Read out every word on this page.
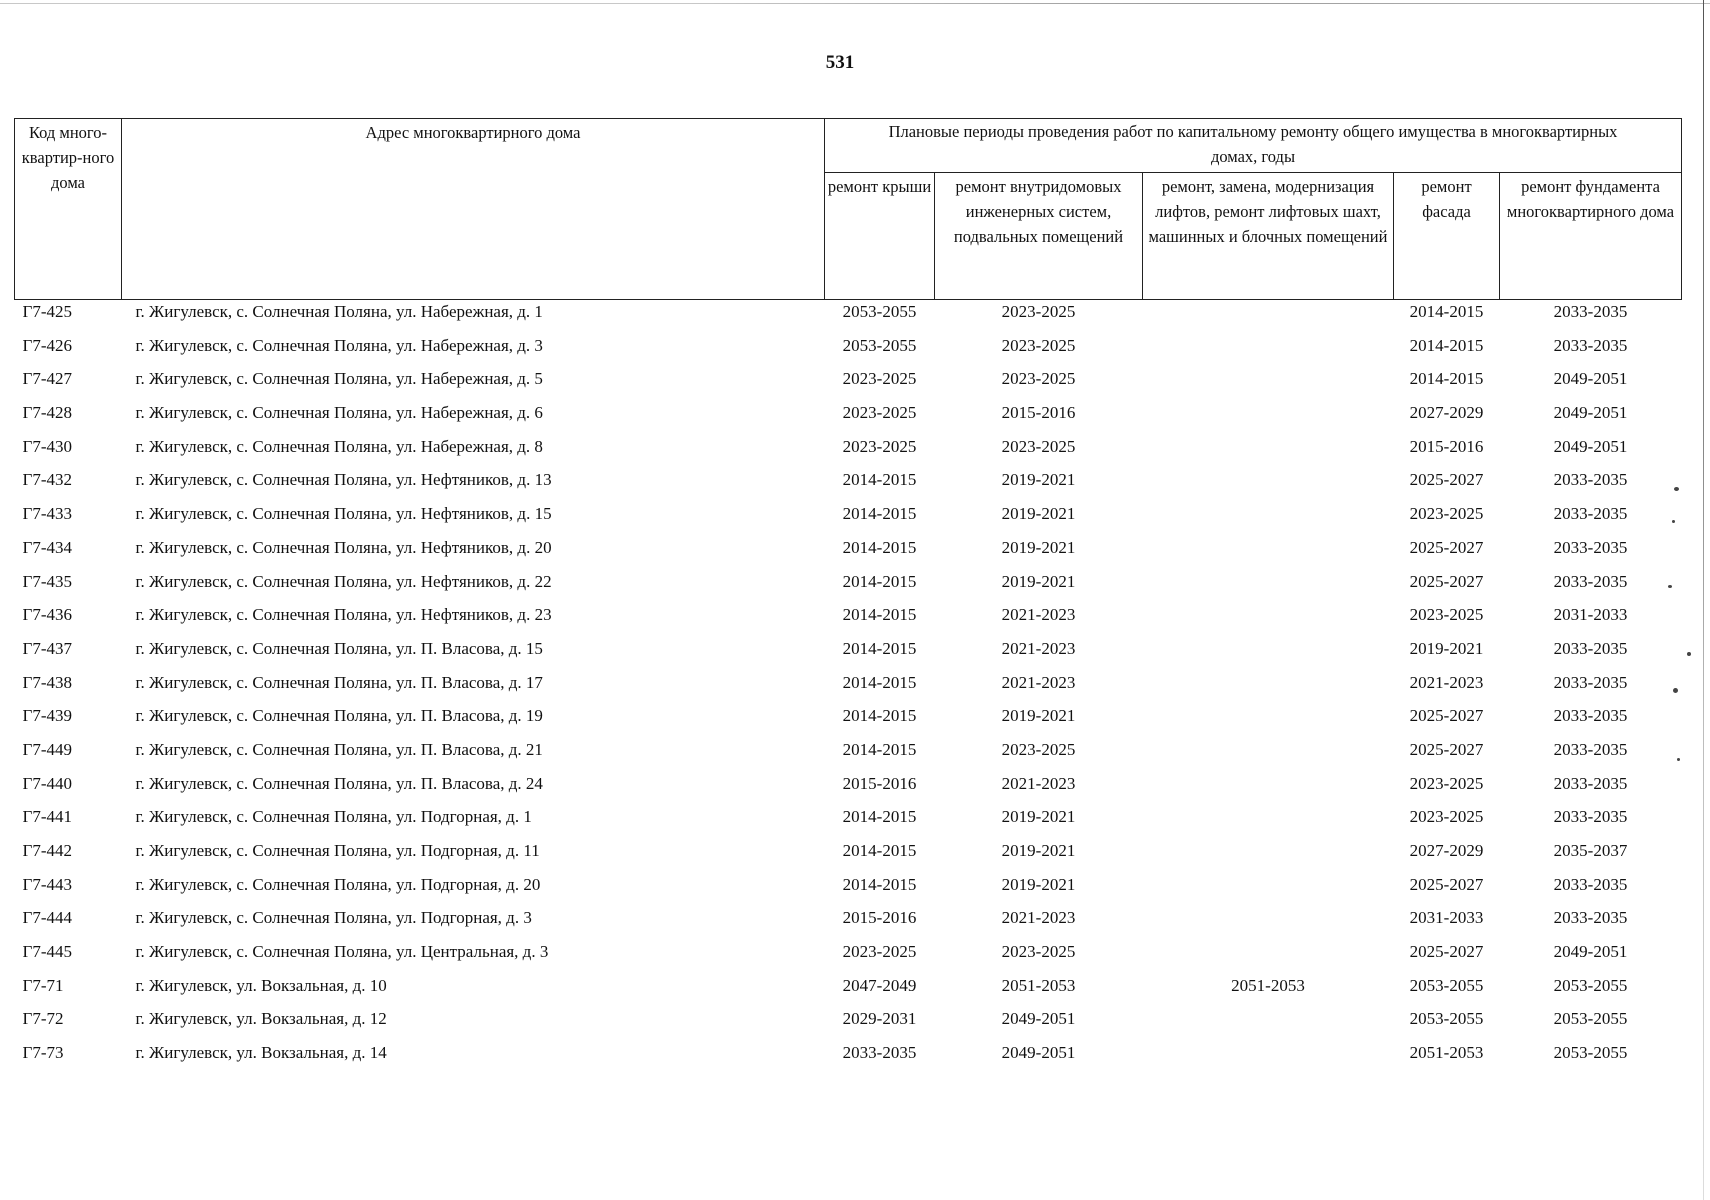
531
Код много-квартир-ного дома	Адрес многоквартирного дома	Плановые периоды проведения работ по капитальному ремонту общего имущества в многоквартирных домах, годы				
		ремонт крыши	ремонт внутридомовых инженерных систем, подвальных помещений	ремонт, замена, модернизация лифтов, ремонт лифтовых шахт, машинных и блочных помещений	ремонт фасада	ремонт фундамента многоквартирного дома
Г7-425	г. Жигулевск, с. Солнечная Поляна, ул. Набережная, д. 1	2053-2055	2023-2025		2014-2015	2033-2035
Г7-426	г. Жигулевск, с. Солнечная Поляна, ул. Набережная, д. 3	2053-2055	2023-2025		2014-2015	2033-2035
Г7-427	г. Жигулевск, с. Солнечная Поляна, ул. Набережная, д. 5	2023-2025	2023-2025		2014-2015	2049-2051
Г7-428	г. Жигулевск, с. Солнечная Поляна, ул. Набережная, д. 6	2023-2025	2015-2016		2027-2029	2049-2051
Г7-430	г. Жигулевск, с. Солнечная Поляна, ул. Набережная, д. 8	2023-2025	2023-2025		2015-2016	2049-2051
Г7-432	г. Жигулевск, с. Солнечная Поляна, ул. Нефтяников, д. 13	2014-2015	2019-2021		2025-2027	2033-2035
Г7-433	г. Жигулевск, с. Солнечная Поляна, ул. Нефтяников, д. 15	2014-2015	2019-2021		2023-2025	2033-2035
Г7-434	г. Жигулевск, с. Солнечная Поляна, ул. Нефтяников, д. 20	2014-2015	2019-2021		2025-2027	2033-2035
Г7-435	г. Жигулевск, с. Солнечная Поляна, ул. Нефтяников, д. 22	2014-2015	2019-2021		2025-2027	2033-2035
Г7-436	г. Жигулевск, с. Солнечная Поляна, ул. Нефтяников, д. 23	2014-2015	2021-2023		2023-2025	2031-2033
Г7-437	г. Жигулевск, с. Солнечная Поляна, ул. П. Власова, д. 15	2014-2015	2021-2023		2019-2021	2033-2035
Г7-438	г. Жигулевск, с. Солнечная Поляна, ул. П. Власова, д. 17	2014-2015	2021-2023		2021-2023	2033-2035
Г7-439	г. Жигулевск, с. Солнечная Поляна, ул. П. Власова, д. 19	2014-2015	2019-2021		2025-2027	2033-2035
Г7-449	г. Жигулевск, с. Солнечная Поляна, ул. П. Власова, д. 21	2014-2015	2023-2025		2025-2027	2033-2035
Г7-440	г. Жигулевск, с. Солнечная Поляна, ул. П. Власова, д. 24	2015-2016	2021-2023		2023-2025	2033-2035
Г7-441	г. Жигулевск, с. Солнечная Поляна, ул. Подгорная, д. 1	2014-2015	2019-2021		2023-2025	2033-2035
Г7-442	г. Жигулевск, с. Солнечная Поляна, ул. Подгорная, д. 11	2014-2015	2019-2021		2027-2029	2035-2037
Г7-443	г. Жигулевск, с. Солнечная Поляна, ул. Подгорная, д. 20	2014-2015	2019-2021		2025-2027	2033-2035
Г7-444	г. Жигулевск, с. Солнечная Поляна, ул. Подгорная, д. 3	2015-2016	2021-2023		2031-2033	2033-2035
Г7-445	г. Жигулевск, с. Солнечная Поляна, ул. Центральная, д. 3	2023-2025	2023-2025		2025-2027	2049-2051
Г7-71	г. Жигулевск, ул. Вокзальная, д. 10	2047-2049	2051-2053	2051-2053	2053-2055	2053-2055
Г7-72	г. Жигулевск, ул. Вокзальная, д. 12	2029-2031	2049-2051		2053-2055	2053-2055
Г7-73	г. Жигулевск, ул. Вокзальная, д. 14	2033-2035	2049-2051		2051-2053	2053-2055
